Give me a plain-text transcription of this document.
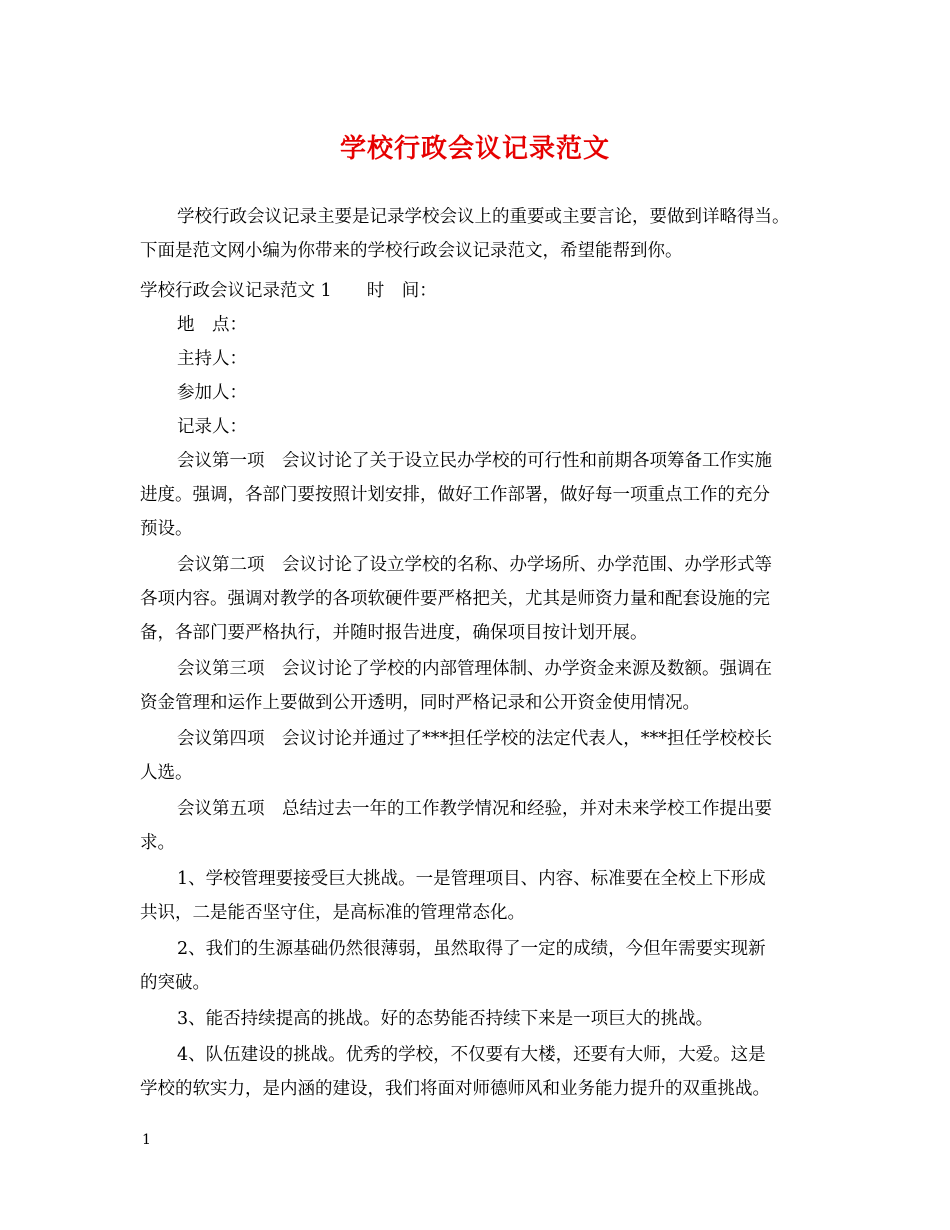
学校行政会议记录范文
学校行政会议记录主要是记录学校会议上的重要或主要言论，要做到详略得当。
下面是范文网小编为你带来的学校行政会议记录范文，希望能帮到你。
学校行政会议记录范文 1　　时　间：
地　点：
主持人：
参加人：
记录人：
会议第一项　会议讨论了关于设立民办学校的可行性和前期各项筹备工作实施
进度。强调，各部门要按照计划安排，做好工作部署，做好每一项重点工作的充分
预设。
会议第二项　会议讨论了设立学校的名称、办学场所、办学范围、办学形式等
各项内容。强调对教学的各项软硬件要严格把关，尤其是师资力量和配套设施的完
备，各部门要严格执行，并随时报告进度，确保项目按计划开展。
会议第三项　会议讨论了学校的内部管理体制、办学资金来源及数额。强调在
资金管理和运作上要做到公开透明，同时严格记录和公开资金使用情况。
会议第四项　会议讨论并通过了***担任学校的法定代表人，***担任学校校长
人选。
会议第五项　总结过去一年的工作教学情况和经验，并对未来学校工作提出要
求。
1、学校管理要接受巨大挑战。一是管理项目、内容、标准要在全校上下形成
共识，二是能否坚守住，是高标准的管理常态化。
2、我们的生源基础仍然很薄弱，虽然取得了一定的成绩，今但年需要实现新
的突破。
3、能否持续提高的挑战。好的态势能否持续下来是一项巨大的挑战。
4、队伍建设的挑战。优秀的学校，不仅要有大楼，还要有大师，大爱。这是
学校的软实力，是内涵的建设，我们将面对师德师风和业务能力提升的双重挑战。
1
